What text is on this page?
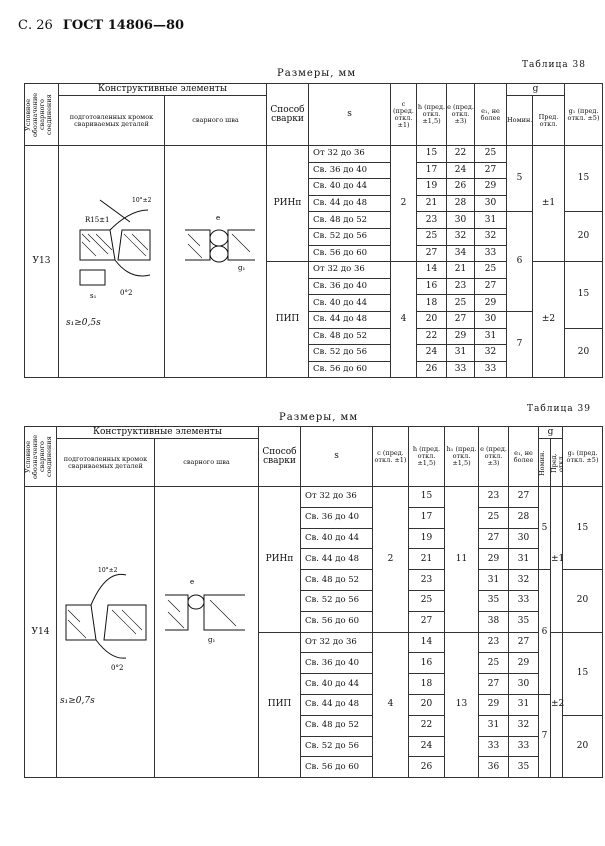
С. 26 ГОСТ 14806—80
Размеры, мм
Таблица 38
Условное обозначение сварного соединения	Конструктивные элементы		Способ сварки	s	c (пред. откл. ±1)	h (пред. откл. ±1,5)	e (пред. откл. ±3)	e₁, не более	g		g₁ (пред. откл. ±5)
	подготовленных кромок свариваемых деталей	сварного шва							Номин.	Пред. откл.	

У13			РИНп	От 32 до 36	2	15	22	25	5	±1	15
				Св. 36 до 40		17	24	27			
				Св. 40 до 44		19	26	29			
				Св. 44 до 48		21	28	30			
				Св. 48 до 52		23	30	31	6		20
				Св. 52 до 56		25	32	32			
				Св. 56 до 60		27	34	33			
			ПИП	От 32 до 36	4	14	21	25		±2	15
				Св. 36 до 40		16	23	27			
				Св. 40 до 44		18	25	29			
				Св. 44 до 48		20	27	30	7		
				Св. 48 до 52		22	29	31			20
				Св. 52 до 56		24	31	32			
				Св. 56 до 60		26	33	33			
Размеры, мм
Таблица 39
Условное обозначение сварного соединения	Конструктивные элементы		Способ сварки	s	c (пред. откл. ±1)	h (пред. откл. ±1,5)	h₁ (пред. откл. ±1,5)	e (пред. откл. ±3)	e₁, не более	g		g₁ (пред. откл. ±5)
	подготовленных кромок свариваемых деталей	сварного шва								Номин.	Пред. откл.	

У14			РИНп	От 32 до 36	2	15	11	23	27	5	±1	15
				Св. 36 до 40		17		25	28			
				Св. 40 до 44		19		27	30			
				Св. 44 до 48		21		29	31			
				Св. 48 до 52		23		31	32	6		20
				Св. 52 до 56		25		35	33			
				Св. 56 до 60		27		38	35			
			ПИП	От 32 до 36	4	14	13	23	27		±2	15
				Св. 36 до 40		16		25	29			
				Св. 40 до 44		18		27	30			
				Св. 44 до 48		20		29	31	7		
				Св. 48 до 52		22		31	32			20
				Св. 52 до 56		24		33	33			
				Св. 56 до 60		26		36	35			
R15±1
10°±2
0°2
s₁
s₁≥0,5s
e
g₁
10°±2
0°2
s₁≥0,7s
e
g₁
